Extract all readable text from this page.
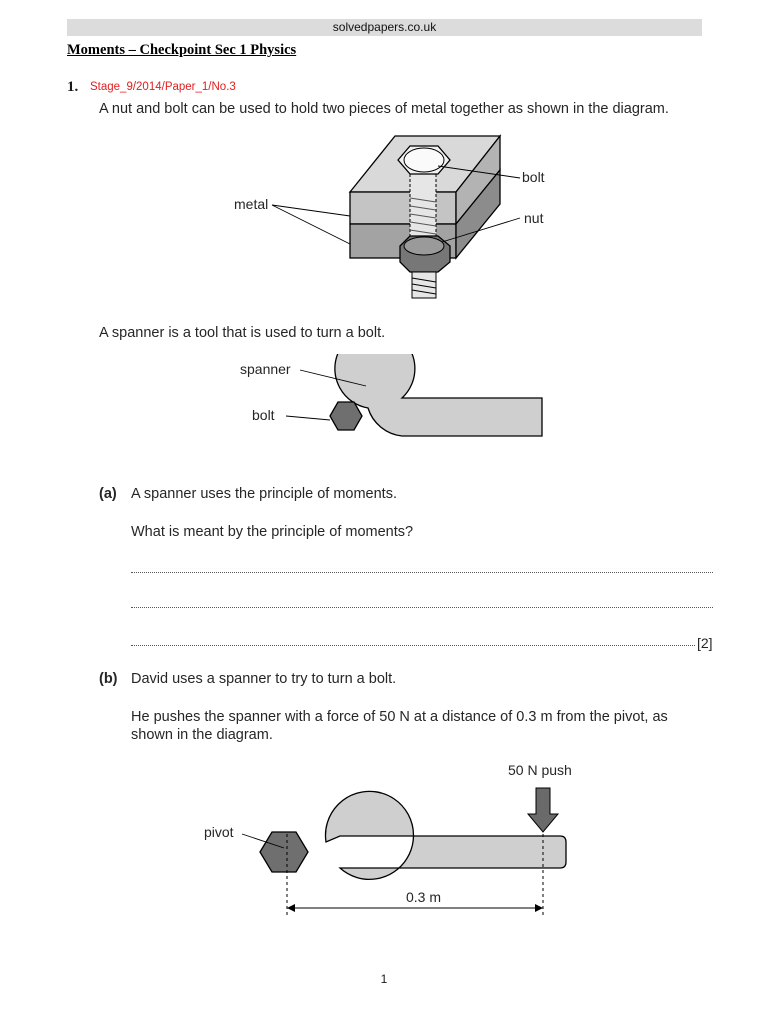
solvedpapers.co.uk
Moments – Checkpoint Sec 1 Physics
1. Stage_9/2014/Paper_1/No.3
A nut and bolt can be used to hold two pieces of metal together as shown in the diagram.
bolt
metal
nut
A spanner is a tool that is used to turn a bolt.
spanner
bolt
(a) A spanner uses the principle of moments.
What is meant by the principle of moments?
[2]
(b) David uses a spanner to try to turn a bolt.
He pushes the spanner with a force of 50 N at a distance of 0.3 m from the pivot, as
shown in the diagram.
50 N push
pivot
0.3 m
1
